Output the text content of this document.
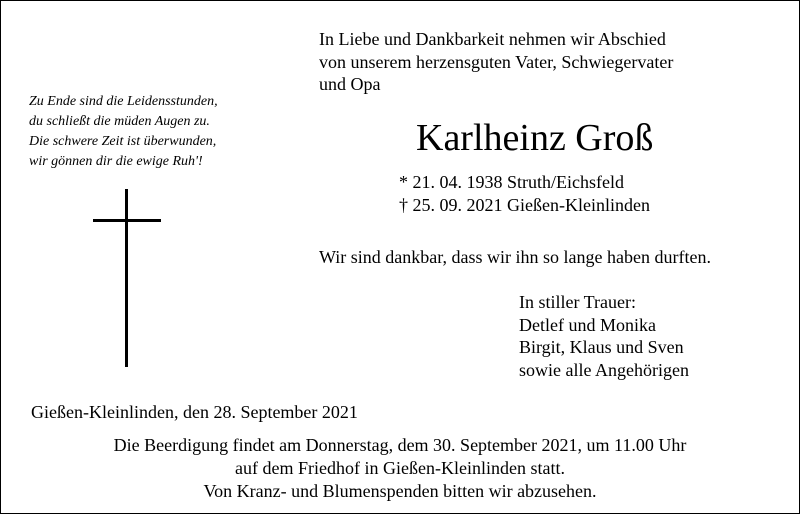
In Liebe und Dankbarkeit nehmen wir Abschied
von unserem herzensguten Vater, Schwiegervater
und Opa
Zu Ende sind die Leidensstunden,
du schließt die müden Augen zu.
Die schwere Zeit ist überwunden,
wir gönnen dir die ewige Ruh'!
Karlheinz Groß
* 21. 04. 1938 Struth/Eichsfeld
† 25. 09. 2021 Gießen-Kleinlinden
Wir sind dankbar, dass wir ihn so lange haben durften.
In stiller Trauer:
Detlef und Monika
Birgit, Klaus und Sven
sowie alle Angehörigen
Gießen-Kleinlinden, den 28. September 2021
Die Beerdigung findet am Donnerstag, dem 30. September 2021, um 11.00 Uhr
auf dem Friedhof in Gießen-Kleinlinden statt.
Von Kranz- und Blumenspenden bitten wir abzusehen.
